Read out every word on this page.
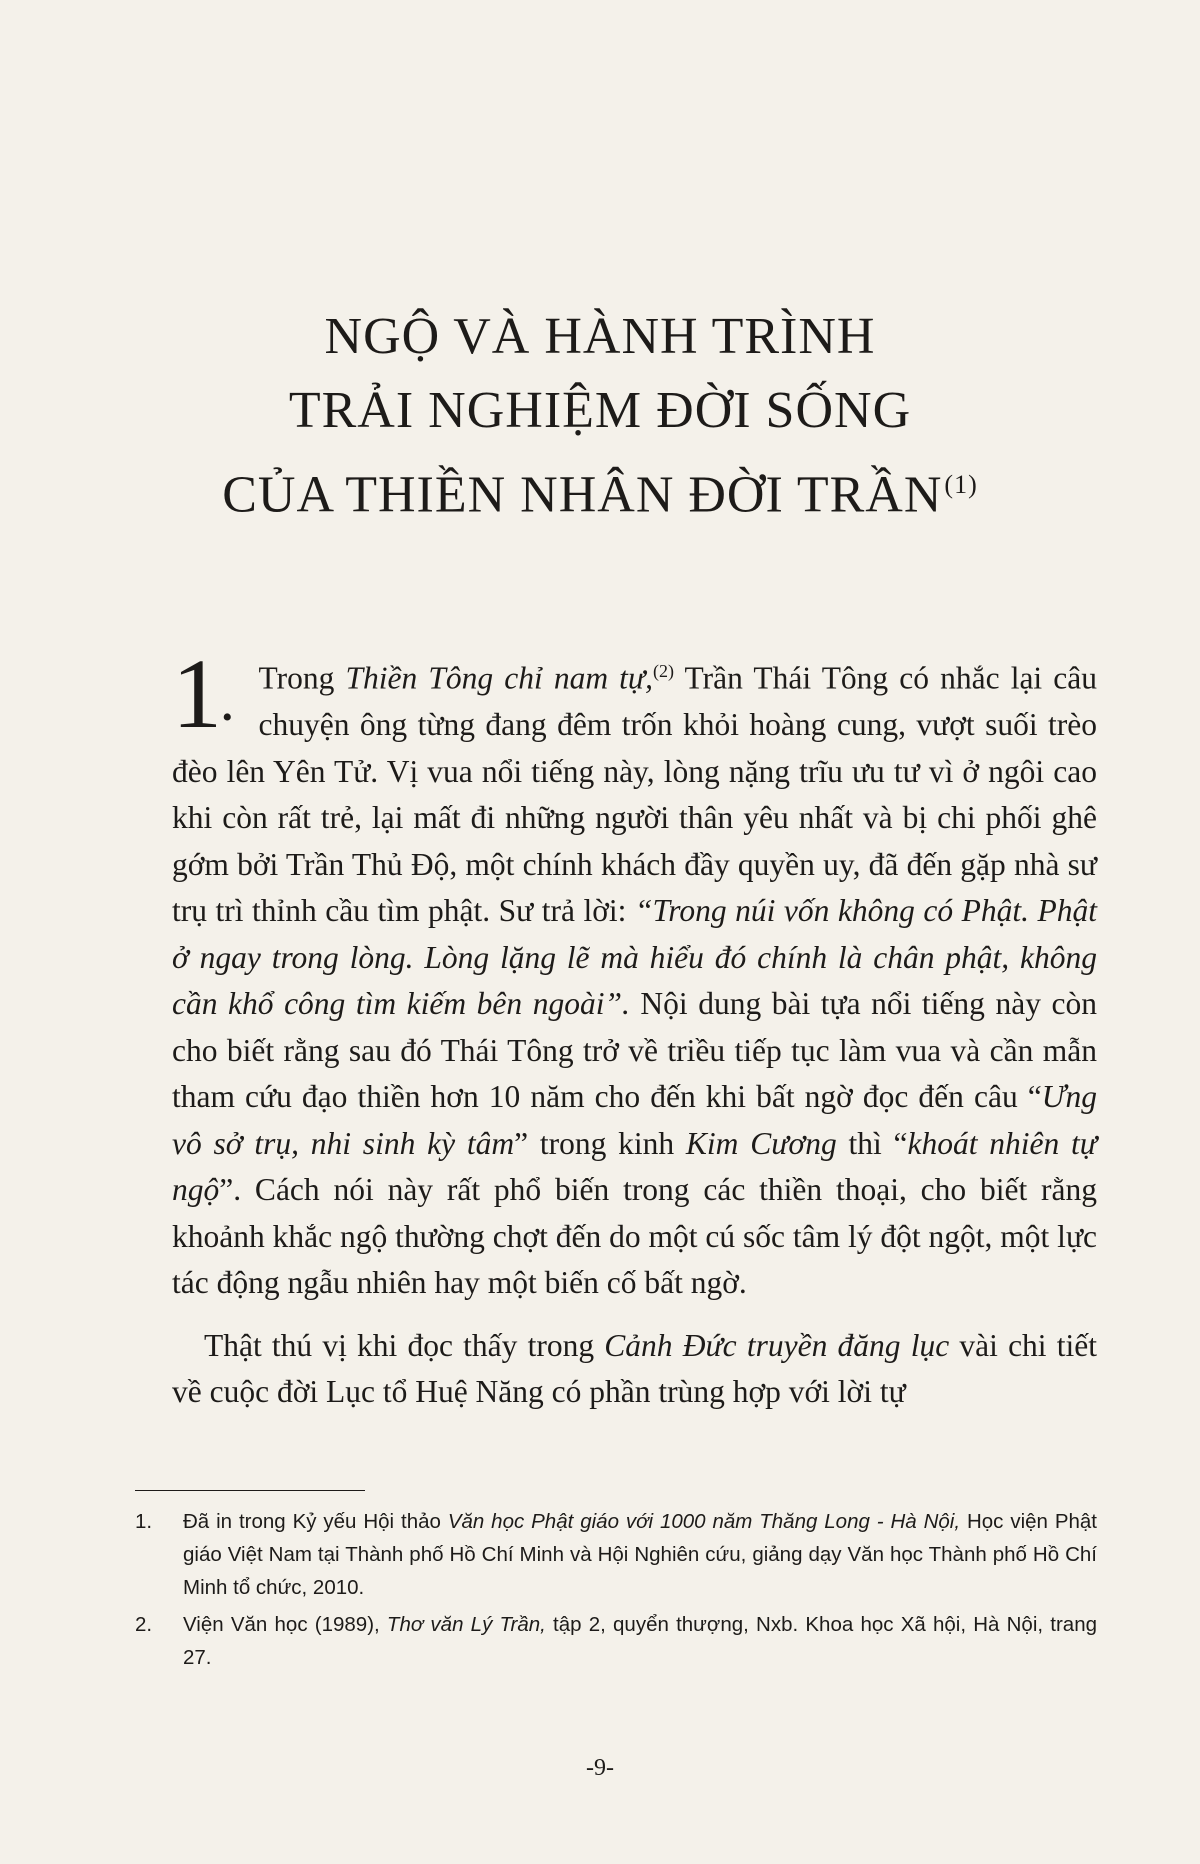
NGỘ VÀ HÀNH TRÌNH
TRẢI NGHIỆM ĐỜI SỐNG
CỦA THIỀN NHÂN ĐỜI TRẦN$^{(1)}$

1•
Trong Thiền Tông chỉ nam tự,$^{(2)}$ Trần Thái Tông có nhắc lại câu chuyện ông từng đang đêm trốn khỏi hoàng cung, vượt suối trèo đèo lên Yên Tử. Vị vua nổi tiếng này, lòng nặng trĩu ưu tư vì ở ngôi cao khi còn rất trẻ, lại mất đi những người thân yêu nhất và bị chi phối ghê gớm bởi Trần Thủ Độ, một chính khách đầy quyền uy, đã đến gặp nhà sư trụ trì thỉnh cầu tìm phật. Sư trả lời: “Trong núi vốn không có Phật. Phật ở ngay trong lòng. Lòng lặng lẽ mà hiểu đó chính là chân phật, không cần khổ công tìm kiếm bên ngoài”. Nội dung bài tựa nổi tiếng này còn cho biết rằng sau đó Thái Tông trở về triều tiếp tục làm vua và cần mẫn tham cứu đạo thiền hơn 10 năm cho đến khi bất ngờ đọc đến câu “Ưng vô sở trụ, nhi sinh kỳ tâm” trong kinh Kim Cương thì “khoát nhiên tự ngộ”. Cách nói này rất phổ biến trong các thiền thoại, cho biết rằng khoảnh khắc ngộ thường chợt đến do một cú sốc tâm lý đột ngột, một lực tác động ngẫu nhiên hay một biến cố bất ngờ.

Thật thú vị khi đọc thấy trong Cảnh Đức truyền đăng lục vài chi tiết về cuộc đời Lục tổ Huệ Năng có phần trùng hợp với lời tự

1.	Đã in trong Kỷ yếu Hội thảo Văn học Phật giáo với 1000 năm Thăng Long - Hà Nội, Học viện Phật giáo Việt Nam tại Thành phố Hồ Chí Minh và Hội Nghiên cứu, giảng dạy Văn học Thành phố Hồ Chí Minh tổ chức, 2010.
2.	Viện Văn học (1989), Thơ văn Lý Trần, tập 2, quyển thượng, Nxb. Khoa học Xã hội, Hà Nội, trang 27.
-9-
